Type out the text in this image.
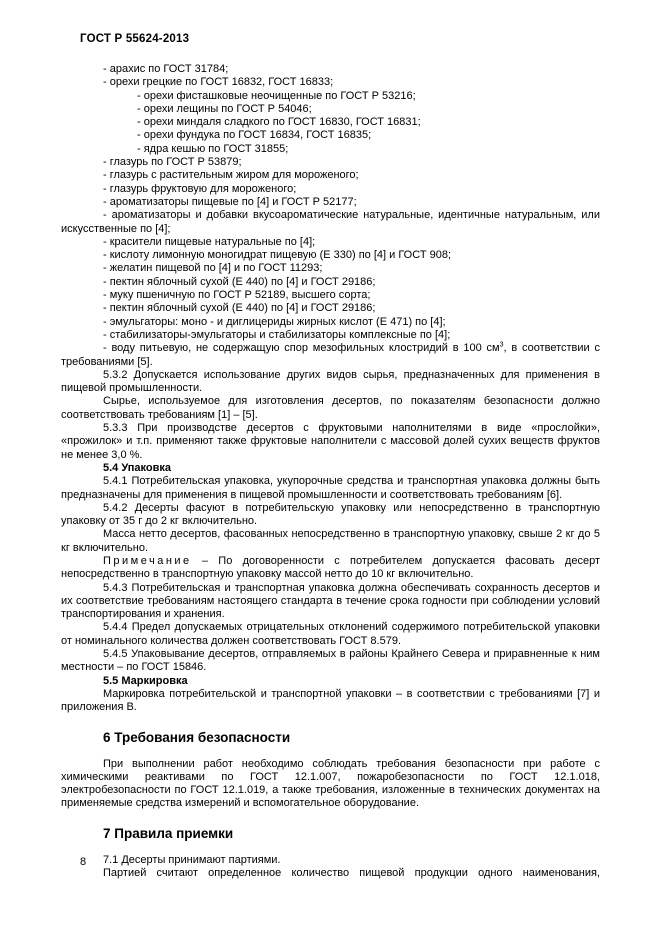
ГОСТ Р 55624-2013

- арахис по ГОСТ 31784;

- орехи грецкие по ГОСТ 16832, ГОСТ 16833;

- орехи фисташковые неочищенные по ГОСТ Р 53216;

- орехи лещины по ГОСТ Р 54046;

- орехи миндаля сладкого по ГОСТ 16830, ГОСТ 16831;

- орехи фундука по ГОСТ 16834, ГОСТ 16835;

- ядра кешью по ГОСТ 31855;

- глазурь по ГОСТ Р 53879;

- глазурь с растительным жиром для мороженого;

- глазурь фруктовую для мороженого;

- ароматизаторы пищевые по [4] и ГОСТ Р 52177;

- ароматизаторы и добавки вкусоароматические натуральные, идентичные натуральным, или искусственные по [4];

- красители пищевые натуральные по [4];

- кислоту лимонную моногидрат пищевую (Е 330) по [4] и ГОСТ 908;

- желатин пищевой по [4] и по ГОСТ 11293;

- пектин яблочный сухой (Е 440) по [4] и ГОСТ 29186;

- муку пшеничную по ГОСТ Р 52189, высшего сорта;

- пектин яблочный сухой (Е 440) по [4] и ГОСТ 29186;

- эмульгаторы: моно - и диглицериды жирных кислот (Е 471) по [4];

- стабилизаторы-эмульгаторы и стабилизаторы комплексные по [4];

- воду питьевую, не содержащую спор мезофильных клостридий в 100 $см^3$, в соответствии с требованиями [5].

5.3.2 Допускается использование других видов сырья, предназначенных для применения в пищевой промышленности.

Сырье, используемое для изготовления десертов, по показателям безопасности должно соответствовать требованиям [1] – [5].

5.3.3 При производстве десертов с фруктовыми наполнителями в виде «прослойки», «прожилок» и т.п. применяют также фруктовые наполнители с массовой долей сухих веществ фруктов не менее 3,0 %.

5.4 Упаковка

5.4.1 Потребительская упаковка, укупорочные средства и транспортная упаковка должны быть предназначены для применения в пищевой промышленности и соответствовать требованиям [6].

5.4.2 Десерты фасуют в потребительскую упаковку или непосредственно в транспортную упаковку от 35 г до 2 кг включительно.

Масса нетто десертов, фасованных непосредственно в транспортную упаковку, свыше 2 кг до 5 кг включительно.

Примечание – По договоренности с потребителем допускается фасовать десерт непосредственно в транспортную упаковку массой нетто до 10 кг включительно.

5.4.3 Потребительская и транспортная упаковка должна обеспечивать сохранность десертов и их соответствие требованиям настоящего стандарта в течение срока годности при соблюдении условий транспортирования и хранения.

5.4.4 Предел допускаемых отрицательных отклонений содержимого потребительской упаковки от номинального количества должен соответствовать ГОСТ 8.579.

5.4.5 Упаковывание десертов, отправляемых в районы Крайнего Севера и приравненные к ним местности – по ГОСТ 15846.

5.5 Маркировка

Маркировка потребительской и транспортной упаковки – в соответствии с требованиями [7] и приложения В.

6 Требования безопасности

При выполнении работ необходимо соблюдать требования безопасности при работе с химическими реактивами по ГОСТ 12.1.007, пожаробезопасности по ГОСТ 12.1.018, электробезопасности по ГОСТ 12.1.019, а также требования, изложенные в технических документах на применяемые средства измерений и вспомогательное оборудование.

7 Правила приемки

7.1 Десерты принимают партиями.

Партией считают определенное количество пищевой продукции одного наименования,

8
